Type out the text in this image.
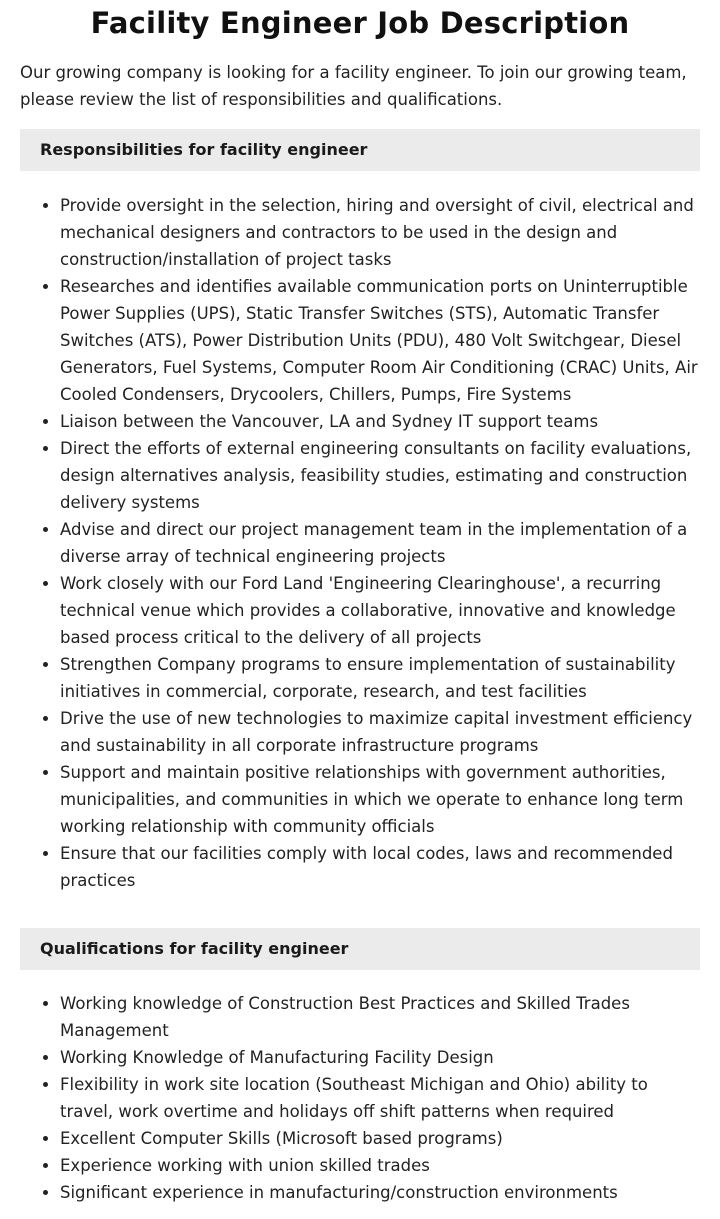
Facility Engineer Job Description

Our growing company is looking for a facility engineer. To join our growing team, please review the list of responsibilities and qualifications.

Responsibilities for facility engineer
• Provide oversight in the selection, hiring and oversight of civil, electrical and mechanical designers and contractors to be used in the design and construction/installation of project tasks
• Researches and identifies available communication ports on Uninterruptible Power Supplies (UPS), Static Transfer Switches (STS), Automatic Transfer Switches (ATS), Power Distribution Units (PDU), 480 Volt Switchgear, Diesel Generators, Fuel Systems, Computer Room Air Conditioning (CRAC) Units, Air Cooled Condensers, Drycoolers, Chillers, Pumps, Fire Systems
• Liaison between the Vancouver, LA and Sydney IT support teams
• Direct the efforts of external engineering consultants on facility evaluations, design alternatives analysis, feasibility studies, estimating and construction delivery systems
• Advise and direct our project management team in the implementation of a diverse array of technical engineering projects
• Work closely with our Ford Land 'Engineering Clearinghouse', a recurring technical venue which provides a collaborative, innovative and knowledge based process critical to the delivery of all projects
• Strengthen Company programs to ensure implementation of sustainability initiatives in commercial, corporate, research, and test facilities
• Drive the use of new technologies to maximize capital investment efficiency and sustainability in all corporate infrastructure programs
• Support and maintain positive relationships with government authorities, municipalities, and communities in which we operate to enhance long term working relationship with community officials
• Ensure that our facilities comply with local codes, laws and recommended practices
Qualifications for facility engineer
• Working knowledge of Construction Best Practices and Skilled Trades Management
• Working Knowledge of Manufacturing Facility Design
• Flexibility in work site location (Southeast Michigan and Ohio) ability to travel, work overtime and holidays off shift patterns when required
• Excellent Computer Skills (Microsoft based programs)
• Experience working with union skilled trades
• Significant experience in manufacturing/construction environments
